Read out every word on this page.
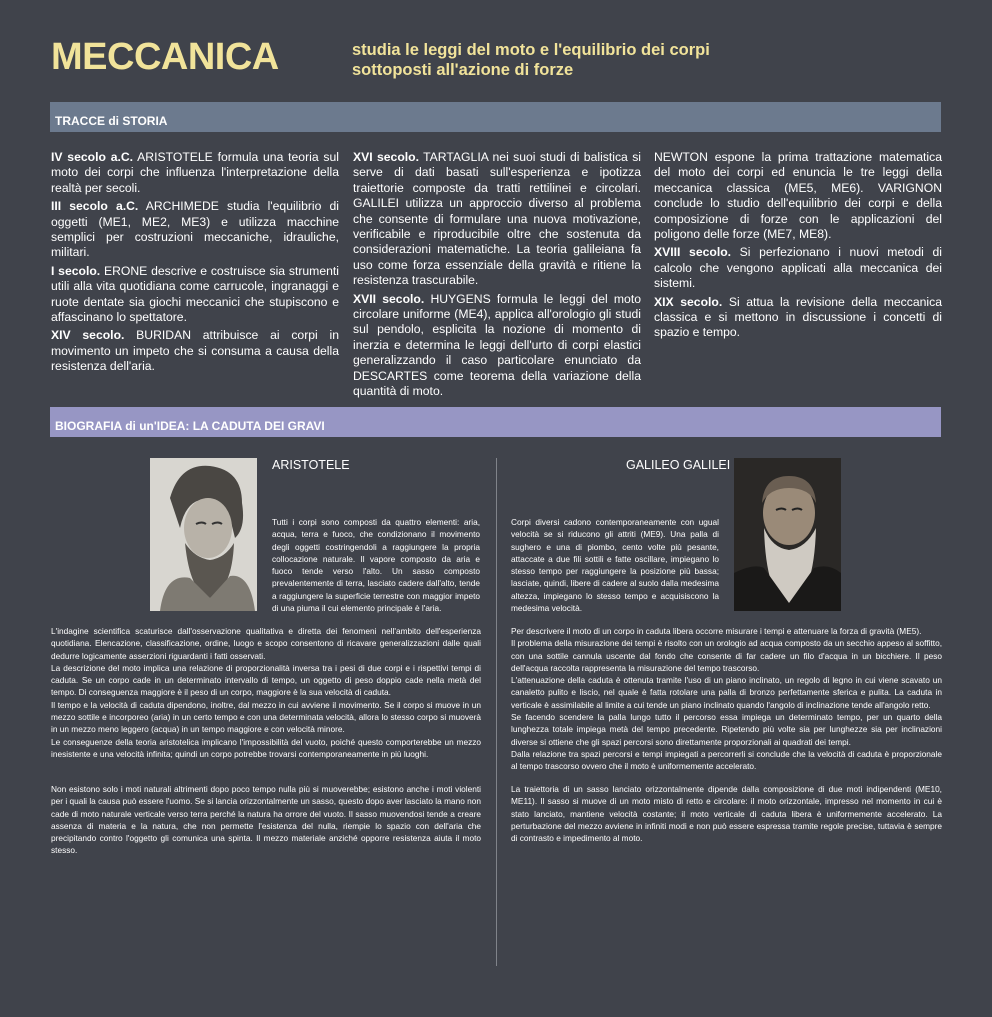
MECCANICA	studia le leggi del moto e l'equilibrio dei corpi
sottoposti all'azione di forze
TRACCE di STORIA

IV secolo a.C. ARISTOTELE formula una teoria sul moto dei corpi che influenza l'interpretazione della realtà per secoli.

III secolo a.C. ARCHIMEDE studia l'equilibrio di oggetti (ME1, ME2, ME3) e utilizza macchine semplici per costruzioni meccaniche, idrauliche, militari.

I secolo. ERONE descrive e costruisce sia strumenti utili alla vita quotidiana come carrucole, ingranaggi e ruote dentate sia giochi meccanici che stupiscono e affascinano lo spettatore.

XIV secolo. BURIDAN attribuisce ai corpi in movimento un impeto che si consuma a causa della resistenza dell'aria.

XVI secolo. TARTAGLIA nei suoi studi di balistica si serve di dati basati sull'esperienza e ipotizza traiettorie composte da tratti rettilinei e circolari. GALILEI utilizza un approccio diverso al problema che consente di formulare una nuova motivazione, verificabile e riproducibile oltre che sostenuta da considerazioni matematiche. La teoria galileiana fa uso come forza essenziale della gravità e ritiene la resistenza trascurabile.

XVII secolo. HUYGENS formula le leggi del moto circolare uniforme (ME4), applica all'orologio gli studi sul pendolo, esplicita la nozione di momento di inerzia e determina le leggi dell'urto di corpi elastici generalizzando il caso particolare enunciato da DESCARTES come teorema della variazione della quantità di moto.

NEWTON espone la prima trattazione matematica del moto dei corpi ed enuncia le tre leggi della meccanica classica (ME5, ME6). VARIGNON conclude lo studio dell'equilibrio dei corpi e della composizione di forze con le applicazioni del poligono delle forze (ME7, ME8).

XVIII secolo. Si perfezionano i nuovi metodi di calcolo che vengono applicati alla meccanica dei sistemi.

XIX secolo. Si attua la revisione della meccanica classica e si mettono in discussione i concetti di spazio e tempo.

BIOGRAFIA di un'IDEA: LA CADUTA DEI GRAVI
ARISTOTELE
Tutti i corpi sono composti da quattro elementi: aria, acqua, terra e fuoco, che condizionano il movimento degli oggetti costringendoli a raggiungere la propria collocazione naturale. Il vapore composto da aria e fuoco tende verso l'alto. Un sasso composto prevalentemente di terra, lasciato cadere dall'alto, tende a raggiungere la superficie terrestre con maggior impeto di una piuma il cui elemento principale è l'aria.
GALILEO GALILEI
Corpi diversi cadono contemporaneamente con ugual velocità se si riducono gli attriti (ME9). Una palla di sughero e una di piombo, cento volte più pesante, attaccate a due fili sottili e fatte oscillare, impiegano lo stesso tempo per raggiungere la posizione più bassa; lasciate, quindi, libere di cadere al suolo dalla medesima altezza, impiegano lo stesso tempo e acquisiscono la medesima velocità.

L'indagine scientifica scaturisce dall'osservazione qualitativa e diretta dei fenomeni nell'ambito dell'esperienza quotidiana. Elencazione, classificazione, ordine, luogo e scopo consentono di ricavare generalizzazioni dalle quali dedurre logicamente asserzioni riguardanti i fatti osservati.

La descrizione del moto implica una relazione di proporzionalità inversa tra i pesi di due corpi e i rispettivi tempi di caduta. Se un corpo cade in un determinato intervallo di tempo, un oggetto di peso doppio cade nella metà del tempo. Di conseguenza maggiore è il peso di un corpo, maggiore è la sua velocità di caduta.

Il tempo e la velocità di caduta dipendono, inoltre, dal mezzo in cui avviene il movimento. Se il corpo si muove in un mezzo sottile e incorporeo (aria) in un certo tempo e con una determinata velocità, allora lo stesso corpo si muoverà in un mezzo meno leggero (acqua) in un tempo maggiore e con velocità minore.

Le conseguenze della teoria aristotelica implicano l'impossibilità del vuoto, poiché questo comporterebbe un mezzo inesistente e una velocità infinita; quindi un corpo potrebbe trovarsi contemporaneamente in più luoghi.

Non esistono solo i moti naturali altrimenti dopo poco tempo nulla più si muoverebbe; esistono anche i moti violenti per i quali la causa può essere l'uomo. Se si lancia orizzontalmente un sasso, questo dopo aver lasciato la mano non cade di moto naturale verticale verso terra perché la natura ha orrore del vuoto. Il sasso muovendosi tende a creare assenza di materia e la natura, che non permette l'esistenza del nulla, riempie lo spazio con dell'aria che precipitando contro l'oggetto gli comunica una spinta. Il mezzo materiale anziché opporre resistenza aiuta il moto stesso.

Per descrivere il moto di un corpo in caduta libera occorre misurare i tempi e attenuare la forza di gravità (ME5).

Il problema della misurazione dei tempi è risolto con un orologio ad acqua composto da un secchio appeso al soffitto, con una sottile cannula uscente dal fondo che consente di far cadere un filo d'acqua in un bicchiere. Il peso dell'acqua raccolta rappresenta la misurazione del tempo trascorso.

L'attenuazione della caduta è ottenuta tramite l'uso di un piano inclinato, un regolo di legno in cui viene scavato un canaletto pulito e liscio, nel quale è fatta rotolare una palla di bronzo perfettamente sferica e pulita. La caduta in verticale è assimilabile al limite a cui tende un piano inclinato quando l'angolo di inclinazione tende all'angolo retto.

Se facendo scendere la palla lungo tutto il percorso essa impiega un determinato tempo, per un quarto della lunghezza totale impiega metà del tempo precedente. Ripetendo più volte sia per lunghezze sia per inclinazioni diverse si ottiene che gli spazi percorsi sono direttamente proporzionali ai quadrati dei tempi.

Dalla relazione tra spazi percorsi e tempi impiegati a percorrerli si conclude che la velocità di caduta è proporzionale al tempo trascorso ovvero che il moto è uniformemente accelerato.

La traiettoria di un sasso lanciato orizzontalmente dipende dalla composizione di due moti indipendenti (ME10, ME11). Il sasso si muove di un moto misto di retto e circolare: il moto orizzontale, impresso nel momento in cui è stato lanciato, mantiene velocità costante; il moto verticale di caduta libera è uniformemente accelerato. La perturbazione del mezzo avviene in infiniti modi e non può essere espressa tramite regole precise, tuttavia è sempre di contrasto e impedimento al moto.
